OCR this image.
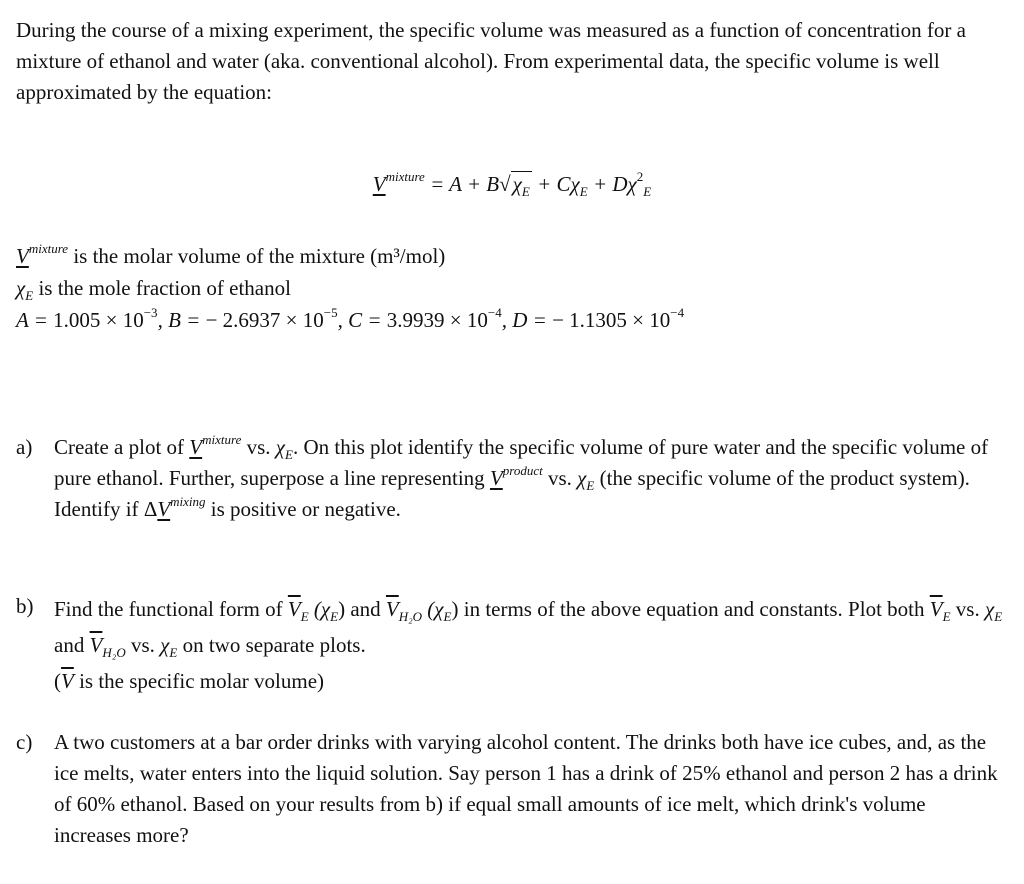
During the course of a mixing experiment, the specific volume was measured as a function of concentration for a mixture of ethanol and water (aka. conventional alcohol). From experimental data, the specific volume is well approximated by the equation:
$V^{mixture} = A + B√\chi_E + C\chi_E + D\chi^2_E$
$V^{mixture}$ is the molar volume of the mixture (m³/mol)
$\chi_E$ is the mole fraction of ethanol
$A = 1.005 \times 10^{-3}$, B = − $2.6937 \times 10^{-5}$, $C = 3.9939 \times 10^{-4}$, D = − $1.1305 \times 10^{-4}$
a) Create a plot of $V^{mixture}$ vs. $\chi_E$. On this plot identify the specific volume of pure water and the specific volume of pure ethanol. Further, superpose a line representing $V^{product}$ vs. $\chi_E$ (the specific volume of the product system). Identify if $\Delta V^{mixing}$ is positive or negative.
b) Find the functional form of $\overline{V}_E$ $(\chi_E)$ and $\overline{V}_{H_2O}$ $(\chi_E)$ in terms of the above equation and constants. Plot both $\overline{V}_E$ vs. $\chi_E$ and $\overline{V}_{H_2O}$ vs. $\chi_E$ on two separate plots.
($\overline{V}$ is the specific molar volume)
c) A two customers at a bar order drinks with varying alcohol content. The drinks both have ice cubes, and, as the ice melts, water enters into the liquid solution. Say person 1 has a drink of 25% ethanol and person 2 has a drink of 60% ethanol. Based on your results from b) if equal small amounts of ice melt, which drink's volume increases more?
